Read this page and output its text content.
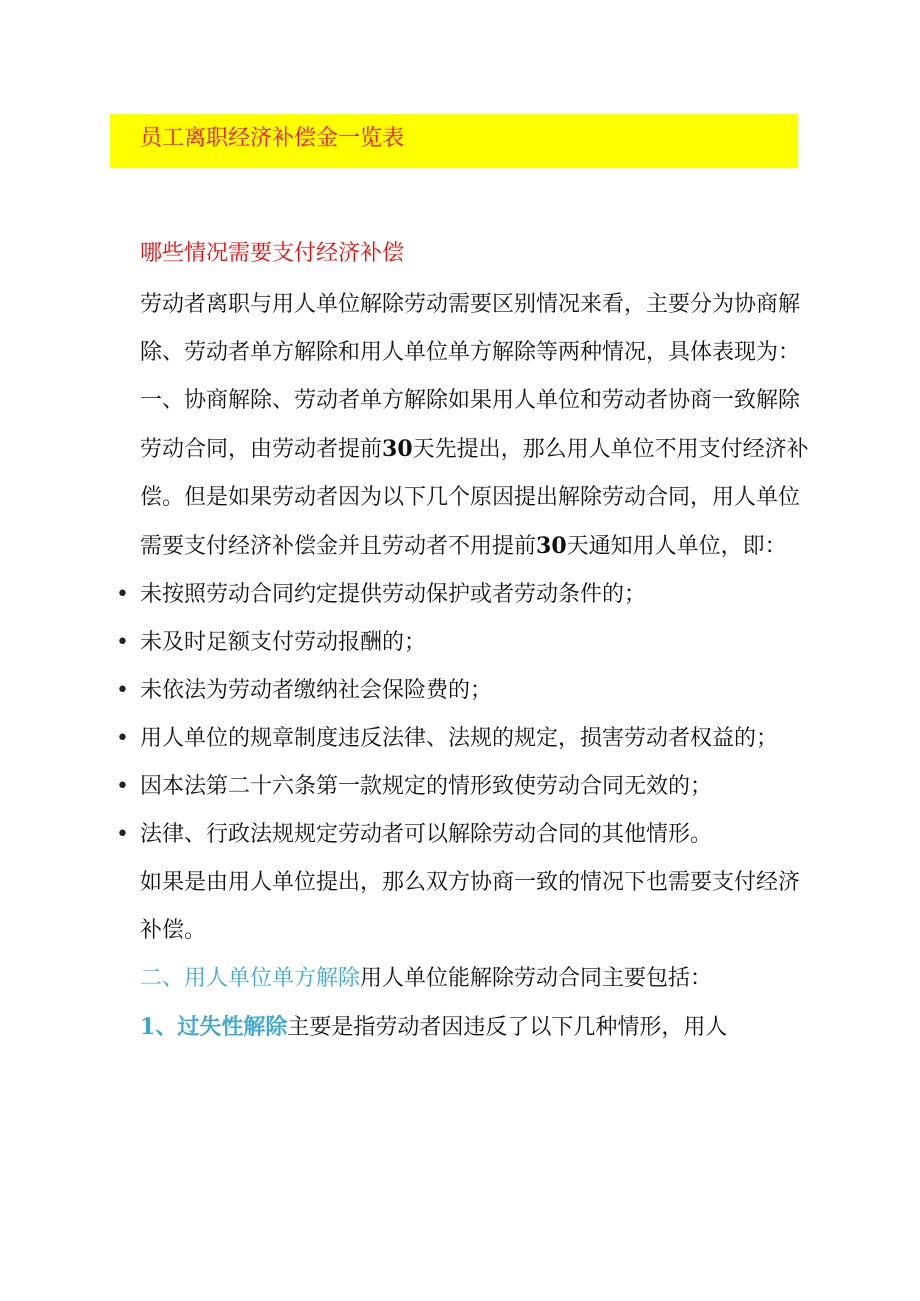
员工离职经济补偿金一览表
哪些情况需要支付经济补偿

劳动者离职与用人单位解除劳动需要区别情况来看，主要分为协商解除、劳动者单方解除和用人单位单方解除等两种情况，具体表现为：

一、协商解除、劳动者单方解除如果用人单位和劳动者协商一致解除劳动合同，由劳动者提前30天先提出，那么用人单位不用支付经济补偿。但是如果劳动者因为以下几个原因提出解除劳动合同，用人单位需要支付经济补偿金并且劳动者不用提前30天通知用人单位，即：

• 未按照劳动合同约定提供劳动保护或者劳动条件的；
• 未及时足额支付劳动报酬的；
• 未依法为劳动者缴纳社会保险费的；
• 用人单位的规章制度违反法律、法规的规定，损害劳动者权益的；
• 因本法第二十六条第一款规定的情形致使劳动合同无效的；
• 法律、行政法规规定劳动者可以解除劳动合同的其他情形。

如果是由用人单位提出，那么双方协商一致的情况下也需要支付经济补偿。

二、用人单位单方解除用人单位能解除劳动合同主要包括：

1、过失性解除主要是指劳动者因违反了以下几种情形，用人
